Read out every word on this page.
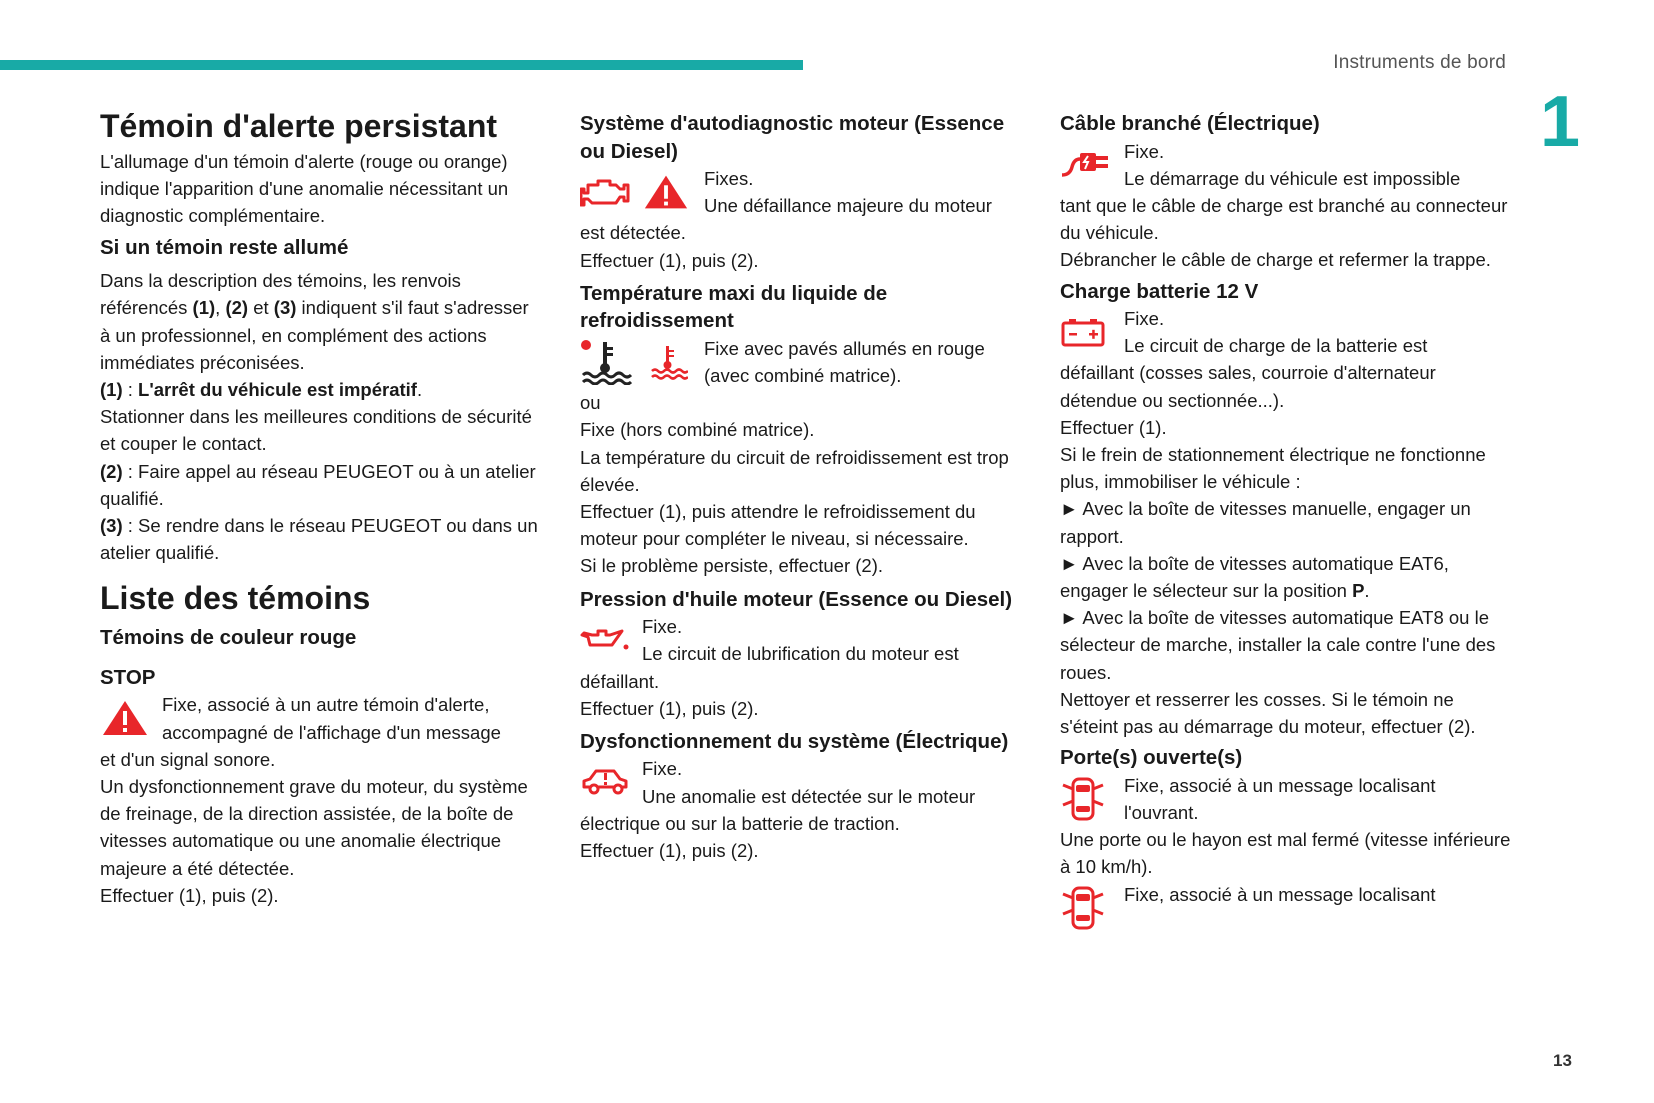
Instruments de bord
1
13
Témoin d'alerte persistant

L'allumage d'un témoin d'alerte (rouge ou orange) indique l'apparition d'une anomalie nécessitant un diagnostic complémentaire.

Si un témoin reste allumé

Dans la description des témoins, les renvois référencés (1), (2) et (3) indiquent s'il faut s'adresser à un professionnel, en complément des actions immédiates préconisées.

(1) : L'arrêt du véhicule est impératif.

Stationner dans les meilleures conditions de sécurité et couper le contact.

(2) : Faire appel au réseau PEUGEOT ou à un atelier qualifié.

(3) : Se rendre dans le réseau PEUGEOT ou dans un atelier qualifié.

Liste des témoins
Témoins de couleur rouge
STOP

Fixe, associé à un autre témoin d'alerte, accompagné de l'affichage d'un message

et d'un signal sonore.

Un dysfonctionnement grave du moteur, du système de freinage, de la direction assistée, de la boîte de vitesses automatique ou une anomalie électrique majeure a été détectée.

Effectuer (1), puis (2).

Système d'autodiagnostic moteur (Essence ou Diesel)

Fixes.

Une défaillance majeure du moteur

est détectée.

Effectuer (1), puis (2).

Température maxi du liquide de refroidissement

Fixe avec pavés allumés en rouge (avec combiné matrice).

ou

Fixe (hors combiné matrice).

La température du circuit de refroidissement est trop élevée.

Effectuer (1), puis attendre le refroidissement du moteur pour compléter le niveau, si nécessaire.

Si le problème persiste, effectuer (2).

Pression d'huile moteur (Essence ou Diesel)

Fixe.

Le circuit de lubrification du moteur est

défaillant.

Effectuer (1), puis (2).

Dysfonctionnement du système (Électrique)

Fixe.

Une anomalie est détectée sur le moteur

électrique ou sur la batterie de traction.

Effectuer (1), puis (2).

Câble branché (Électrique)

Fixe.

Le démarrage du véhicule est impossible

tant que le câble de charge est branché au connecteur du véhicule.

Débrancher le câble de charge et refermer la trappe.

Charge batterie 12 V

Fixe.

Le circuit de charge de la batterie est

défaillant (cosses sales, courroie d'alternateur détendue ou sectionnée...).

Effectuer (1).

Si le frein de stationnement électrique ne fonctionne plus, immobiliser le véhicule :

► Avec la boîte de vitesses manuelle, engager un rapport.

► Avec la boîte de vitesses automatique EAT6, engager le sélecteur sur la position P.

► Avec la boîte de vitesses automatique EAT8 ou le sélecteur de marche, installer la cale contre l'une des roues.

Nettoyer et resserrer les cosses. Si le témoin ne s'éteint pas au démarrage du moteur, effectuer (2).

Porte(s) ouverte(s)

Fixe, associé à un message localisant l'ouvrant.

Une porte ou le hayon est mal fermé (vitesse inférieure à 10 km/h).

Fixe, associé à un message localisant
